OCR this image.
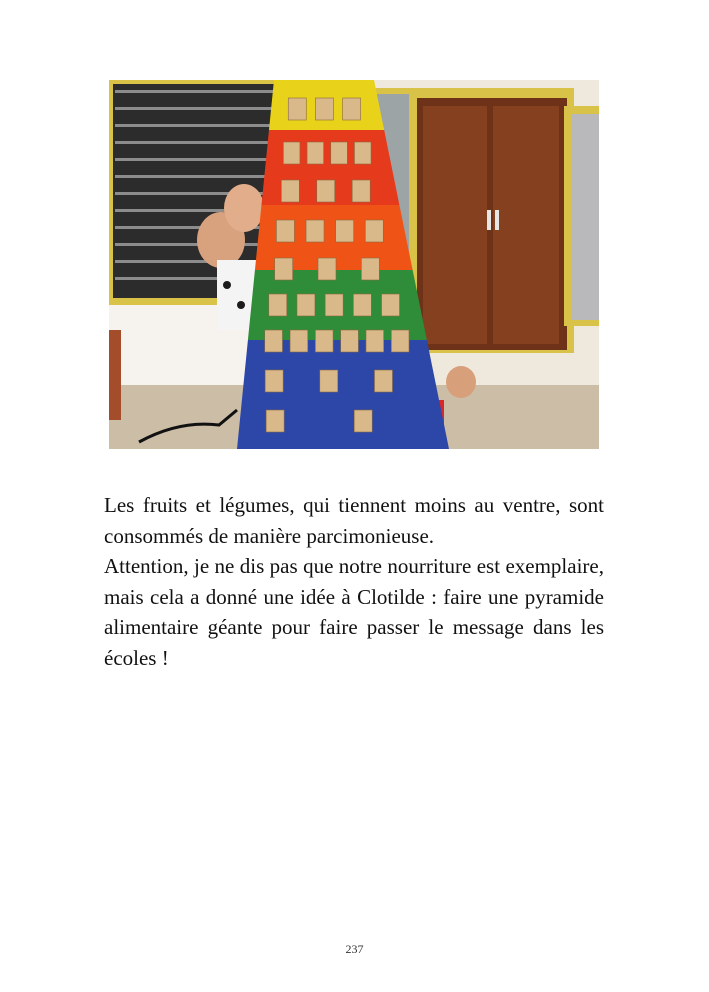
Les fruits et légumes, qui tiennent moins au ventre, sont consommés de manière parcimonieuse.

Attention, je ne dis pas que notre nourriture est exemplaire, mais cela a donné une idée à Clotilde : faire une pyramide alimentaire géante pour faire passer le message dans les écoles !

237
